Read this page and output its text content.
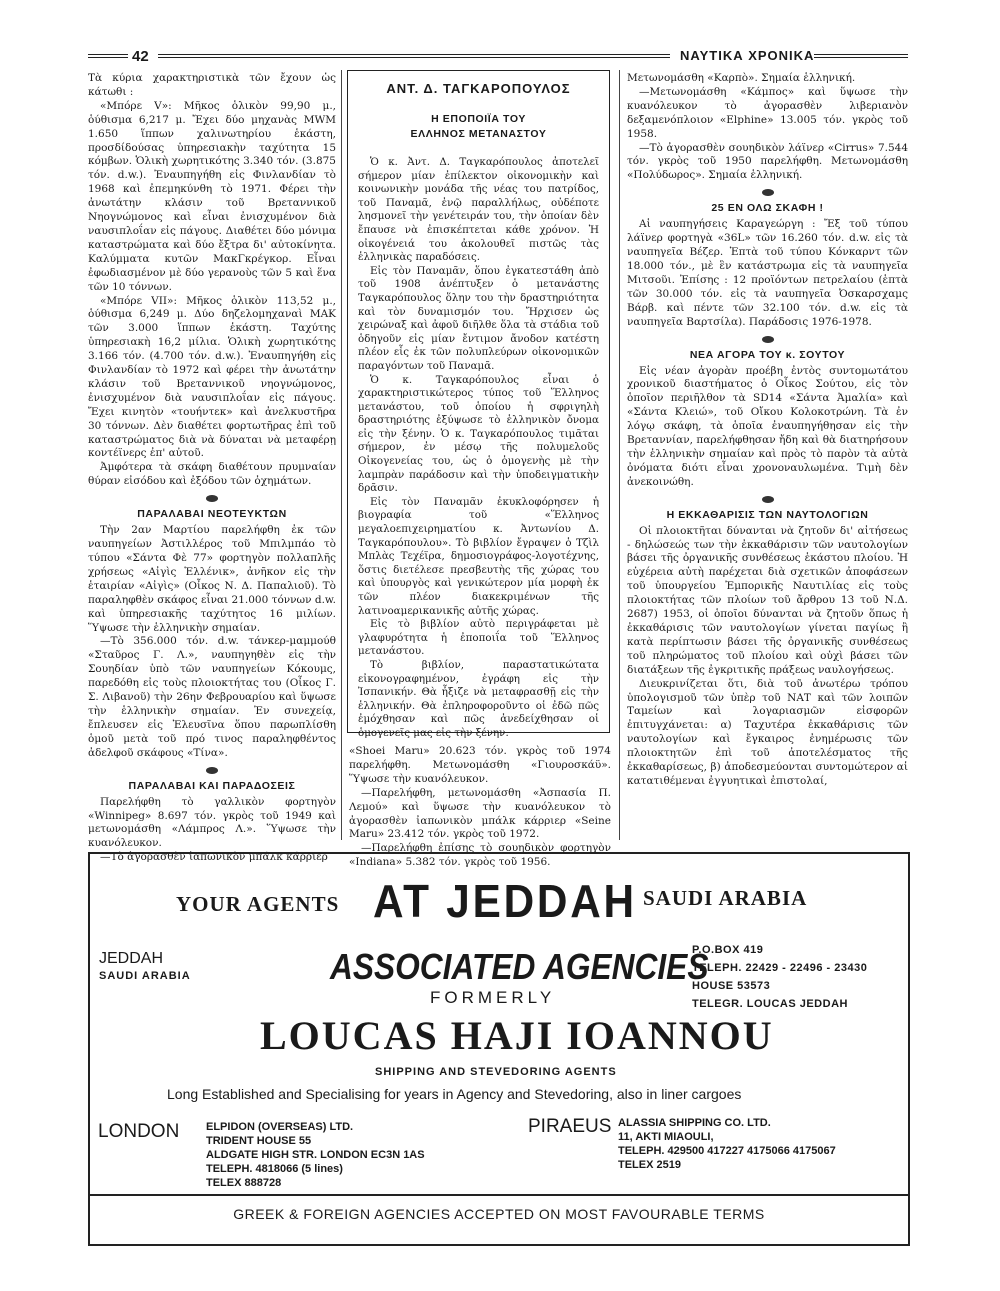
42	ΝΑΥΤΙΚΑ ΧΡΟΝΙΚΑ

Τὰ κύρια χαρακτηριστικὰ τῶν ἔχουν ὡς κάτωθι :

«Μπόρε V»: Μῆκος ὁλικὸν 99,90 μ., ὁύθισμα 6,217 μ. Ἔχει δύο μηχανὰς MWM 1.650 ἵππων χαλινωτηρίου ἑκάστη, προσδίδούσας ὑπηρεσιακὴν ταχύτητα 15 κόμβων. Ὁλικὴ χωρητικότης 3.340 τόν. (3.875 τόν. d.w.). Ἐναυπηγήθη εἰς Φινλανδίαν τὸ 1968 καὶ ἐπεμηκύνθη τὸ 1971. Φέρει τὴν ἀνωτάτην κλάσιν τοῦ Βρεταννικοῦ Νηογνώμονος καὶ εἶναι ἐνισχυμένον διὰ ναυσιπλοΐαν εἰς πάγους. Διαθέτει δύο μόνιμα καταστρώματα καὶ δύο ἔξτρα δι' αὐτοκίνητα. Καλύμματα κυτῶν ΜακΓκρέγκορ. Εἶναι ἐφωδιασμένον μὲ δύο γερανοὺς τῶν 5 καὶ ἕνα τῶν 10 τόννων.

«Μπόρε VII»: Μῆκος ὁλικὸν 113,52 μ., ὁύθισμα 6,249 μ. Δύο δηζελομηχαναὶ MAK τῶν 3.000 ἵππων ἑκάστη. Ταχύτης ὑπηρεσιακὴ 16,2 μίλια. Ὁλικὴ χωρητικότης 3.166 τόν. (4.700 τόν. d.w.). Ἐναυπηγήθη εἰς Φινλανδίαν τὸ 1972 καὶ φέρει τὴν ἀνωτάτην κλάσιν τοῦ Βρεταννικοῦ νηογνώμονος, ἐνισχυμένον διὰ ναυσιπλοΐαν εἰς πάγους. Ἔχει κινητὸν «τουήντεκ» καὶ ἀνελκυστῆρα 30 τόννων. Δὲν διαθέτει φορτωτῆρας ἐπὶ τοῦ καταστρώματος διὰ νὰ δύναται νὰ μεταφέρῃ κοντέϊνερς ἐπ' αὐτοῦ.

Ἀμφότερα τὰ σκάφη διαθέτουν πρυμναίαν θύραν εἰσόδου καὶ ἐξόδου τῶν ὀχημάτων.

ΠΑΡΑΛΑΒΑΙ ΝΕΟΤΕΥΚΤΩΝ

Τὴν 2αν Μαρτίου παρελήφθη ἐκ τῶν ναυπηγείων Ἀστιλλέρος τοῦ Μπιλμπάο τὸ τύπου «Σάντα Φὲ 77» φορτηγὸν πολλαπλῆς χρήσεως «Αἰγὶς Ἑλλένικ», ἀνῆκον εἰς τὴν ἑταιρίαν «Αἰγὶς» (Οἶκος Ν. Δ. Παπαλιοῦ). Τὸ παραληφθὲν σκάφος εἶναι 21.000 τόννων d.w. καὶ ὑπηρεσιακῆς ταχύτητος 16 μιλίων. Ὕψωσε τὴν ἑλληνικὴν σημαίαν.

—Τὸ 356.000 τόν. d.w. τάνκερ-μαμμούθ «Σταῦρος Γ. Λ.», ναυπηγηθὲν εἰς τὴν Σουηδίαν ὑπὸ τῶν ναυπηγείων Κόκουμς, παρεδόθη εἰς τοὺς πλοιοκτήτας του (Οἶκος Γ. Σ. Λιβανοῦ) τὴν 26ην Φεβρουαρίου καὶ ὕψωσε τὴν ἑλληνικὴν σημαίαν. Ἐν συνεχείᾳ, ἔπλευσεν εἰς Ἐλευσῖνα ὅπου παρωπλίσθη ὁμοῦ μετὰ τοῦ πρό τινος παραληφθέντος ἀδελφοῦ σκάφους «Τίνα».

ΠΑΡΑΛΑΒΑΙ ΚΑΙ ΠΑΡΑΔΟΣΕΙΣ

Παρελήφθη τὸ γαλλικὸν φορτηγὸν «Winnipeg» 8.697 τόν. γκρὸς τοῦ 1949 καὶ μετωνομάσθη «Λάμπρος Λ.». Ὕψωσε τὴν κυανόλευκον.

—Τὸ ἀγορασθὲν ἰαπωνικὸν μπάλκ κάρριερ

ΑΝΤ. Δ. ΤΑΓΚΑΡΟΠΟΥΛΟΣ
Η ΕΠΟΠΟΙΪΑ ΤΟΥ
ΕΛΛΗΝΟΣ ΜΕΤΑΝΑΣΤΟΥ

Ὁ κ. Ἀντ. Δ. Ταγκαρόπουλος ἀποτελεῖ σήμερον μίαν ἐπίλεκτον οἰκονομικὴν καὶ κοινωνικὴν μονάδα τῆς νέας του πατρίδος, τοῦ Παναμᾶ, ἐνῷ παραλλήλως, οὐδέποτε λησμονεῖ τὴν γενέτειράν του, τὴν ὁποίαν δὲν ἔπαυσε νὰ ἐπισκέπτεται κάθε χρόνον. Ἡ οἰκογένειά του ἀκολουθεῖ πιστῶς τὰς ἑλληνικὰς παραδόσεις.

Εἰς τὸν Παναμᾶν, ὅπου ἐγκατεστάθη ἀπὸ τοῦ 1908 ἀνέπτυξεν ὁ μετανάστης Ταγκαρόπουλος ὅλην του τὴν δραστηριότητα καὶ τὸν δυναμισμόν του. Ἤρχισεν ὡς χειρώναξ καὶ ἀφοῦ διῆλθε ὅλα τὰ στάδια τοῦ ὁδηγοῦν εἰς μίαν ἔντιμον ἄνοδον κατέστη πλέον εἷς ἐκ τῶν πολυπλεύρων οἰκονομικῶν παραγόντων τοῦ Παναμᾶ.

Ὁ κ. Ταγκαρόπουλος εἶναι ὁ χαρακτηριστικώτερος τύπος τοῦ Ἕλληνος μετανάστου, τοῦ ὁποίου ἡ σφριγηλὴ δραστηριότης ἐξύψωσε τὸ ἑλληνικὸν ὄνομα εἰς τὴν ξένην. Ὁ κ. Ταγκαρόπουλος τιμᾶται σήμερον, ἐν μέσῳ τῆς πολυμελοῦς Οἰκογενείας του, ὡς ὁ ὁμογενὴς μὲ τὴν λαμπρὰν παράδοσιν καὶ τὴν ὑποδειγματικὴν δρᾶσιν.

Εἰς τὸν Παναμᾶν ἐκυκλοφόρησεν ἡ βιογραφία τοῦ «Ἕλληνος μεγαλοεπιχειρηματίου κ. Ἀντωνίου Δ. Ταγκαρόπουλου». Τὸ βιβλίον ἔγραψεν ὁ Τζὶλ Μπλὰς Τεχέϊρα, δημοσιογράφος-λογοτέχνης, ὅστις διετέλεσε πρεσβευτὴς τῆς χώρας του καὶ ὑπουργὸς καὶ γενικώτερον μία μορφὴ ἐκ τῶν πλέον διακεκριμένων τῆς λατινοαμερικανικῆς αὐτῆς χώρας.

Εἰς τὸ βιβλίον αὐτὸ περιγράφεται μὲ γλαφυρότητα ἡ ἐποποιΐα τοῦ Ἕλληνος μετανάστου.

Τὸ βιβλίον, παραστατικώτατα εἰκονογραφημένον, ἐγράφη εἰς τὴν Ἰσπανικήν. Θὰ ἦξιζε νὰ μεταφρασθῇ εἰς τὴν ἑλληνικήν. Θὰ ἐπληροφοροῦντο οἱ ἐδῶ πῶς ἐμόχθησαν καὶ πῶς ἀνεδείχθησαν οἱ ὁμογενεῖς μας εἰς τὴν ξένην.

«Shoei Maru» 20.623 τόν. γκρὸς τοῦ 1974 παρελήφθη. Μετωνομάσθη «Γιουροσκάϋ». Ὕψωσε τὴν κυανόλευκον.

—Παρελήφθη, μετωνομάσθη «Ἀσπασία Π. Λεμού» καὶ ὕψωσε τὴν κυανόλευκον τὸ ἀγορασθὲν ἰαπωνικὸν μπάλκ κάρριερ «Seine Maru» 23.412 τόν. γκρὸς τοῦ 1972.

—Παρελήφθη ἐπίσης τὸ σουηδικὸν φορτηγὸν «Indiana» 5.382 τόν. γκρὸς τοῦ 1956.

Μετωνομάσθη «Καρπὸ». Σημαία ἑλληνική.

—Μετωνομάσθη «Κάμπος» καὶ ὕψωσε τὴν κυανόλευκον τὸ ἀγορασθὲν λιβεριανὸν δεξαμενόπλοιον «Elphine» 13.005 τόν. γκρὸς τοῦ 1958.

—Τὸ ἀγορασθὲν σουηδικὸν λάϊνερ «Cirrus» 7.544 τόν. γκρὸς τοῦ 1950 παρελήφθη. Μετωνομάσθη «Πολύδωρος». Σημαία ἑλληνική.

25 ΕΝ ΟΛΩ ΣΚΑΦΗ !

Αἱ ναυπηγήσεις Καραγεώργη : Ἔξ τοῦ τύπου λάϊνερ φορτηγὰ «36L» τῶν 16.260 τόν. d.w. εἰς τὰ ναυπηγεῖα Βέζερ. Ἑπτὰ τοῦ τύπου Κόνκαρντ τῶν 18.000 τόν., μὲ ἓν κατάστρωμα εἰς τὰ ναυπηγεῖα Μιτσοῦι. Ἐπίσης : 12 προϊόντων πετρελαίου (ἑπτὰ τῶν 30.000 τόν. εἰς τὰ ναυπηγεῖα Ὀσκαρσχαμς Βάρβ. καὶ πέντε τῶν 32.100 τόν. d.w. εἰς τὰ ναυπηγεῖα Βαρτσίλα). Παράδοσις 1976-1978.

ΝΕΑ ΑΓΟΡΑ ΤΟΥ κ. ΣΟΥΤΟΥ

Εἰς νέαν ἀγορὰν προέβη ἐντὸς συντομωτάτου χρονικοῦ διαστήματος ὁ Οἶκος Σούτου, εἰς τὸν ὁποῖον περιῆλθον τὰ SD14 «Σάντα Ἀμαλία» καὶ «Σάντα Κλειώ», τοῦ Οἴκου Κολοκοτρώνη. Τὰ ἐν λόγῳ σκάφη, τὰ ὁποῖα ἐναυπηγήθησαν εἰς τὴν Βρεταννίαν, παρελήφθησαν ἤδη καὶ θὰ διατηρήσουν τὴν ἑλληνικὴν σημαίαν καὶ πρὸς τὸ παρὸν τὰ αὐτὰ ὀνόματα διότι εἶναι χρονοναυλωμένα. Τιμὴ δὲν ἀνεκοινώθη.

Η ΕΚΚΑΘΑΡΙΣΙΣ ΤΩΝ ΝΑΥΤΟΛΟΓΙΩΝ

Οἱ πλοιοκτῆται δύνανται νὰ ζητοῦν δι' αἰτήσεως - δηλώσεώς των τὴν ἐκκαθάρισιν τῶν ναυτολογίων βάσει τῆς ὀργανικῆς συνθέσεως ἑκάστου πλοίου. Ἡ εὐχέρεια αὐτὴ παρέχεται διὰ σχετικῶν ἀποφάσεων τοῦ ὑπουργείου Ἐμπορικῆς Ναυτιλίας εἰς τοὺς πλοιοκτήτας τῶν πλοίων τοῦ ἄρθρου 13 τοῦ Ν.Δ. 2687) 1953, οἱ ὁποῖοι δύνανται νὰ ζητοῦν ὅπως ἡ ἐκκαθάρισις τῶν ναυτολογίων γίνεται παγίως ἢ κατὰ περίπτωσιν βάσει τῆς ὀργανικῆς συνθέσεως τοῦ πληρώματος τοῦ πλοίου καὶ οὐχὶ βάσει τῶν διατάξεων τῆς ἐγκριτικῆς πράξεως ναυλογήσεως.

Διευκρινίζεται ὅτι, διὰ τοῦ ἀνωτέρω τρόπου ὑπολογισμοῦ τῶν ὑπὲρ τοῦ ΝΑΤ καὶ τῶν λοιπῶν Ταμείων καὶ λογαριασμῶν εἰσφορῶν ἐπιτυγχάνεται: α) Ταχυτέρα ἐκκαθάρισις τῶν ναυτολογίων καὶ ἔγκαιρος ἐνημέρωσις τῶν πλοιοκτητῶν ἐπὶ τοῦ ἀποτελέσματος τῆς ἐκκαθαρίσεως, β) ἀποδεσμεύονται συντομώτερον αἱ κατατιθέμεναι ἐγγυητικαὶ ἐπιστολαί,

YOUR AGENTS AT JEDDAH SAUDI ARABIA
JEDDAH
SAUDI ARABIA	ASSOCIATED AGENCIES
FORMERLY
P.O.BOX 419
TELEPH. 22429 - 22496 - 23430
HOUSE 53573
TELEGR. LOUCAS JEDDAH
LOUCAS HAJI IOANNOU
SHIPPING AND STEVEDORING AGENTS
Long Established and Specialising for years in Agency and Stevedoring, also in liner cargoes
LONDON ELPIDON (OVERSEAS) LTD.
TRIDENT HOUSE 55
ALDGATE HIGH STR. LONDON EC3N 1AS
TELEPH. 4818066 (5 lines)
TELEX 888728
PIRAEUS ALASSIA SHIPPING CO. LTD.
11, AKTI MIAOULI,
TELEPH. 429500 417227 4175066 4175067
TELEX 2519
GREEK & FOREIGN AGENCIES ACCEPTED ON MOST FAVOURABLE TERMS
